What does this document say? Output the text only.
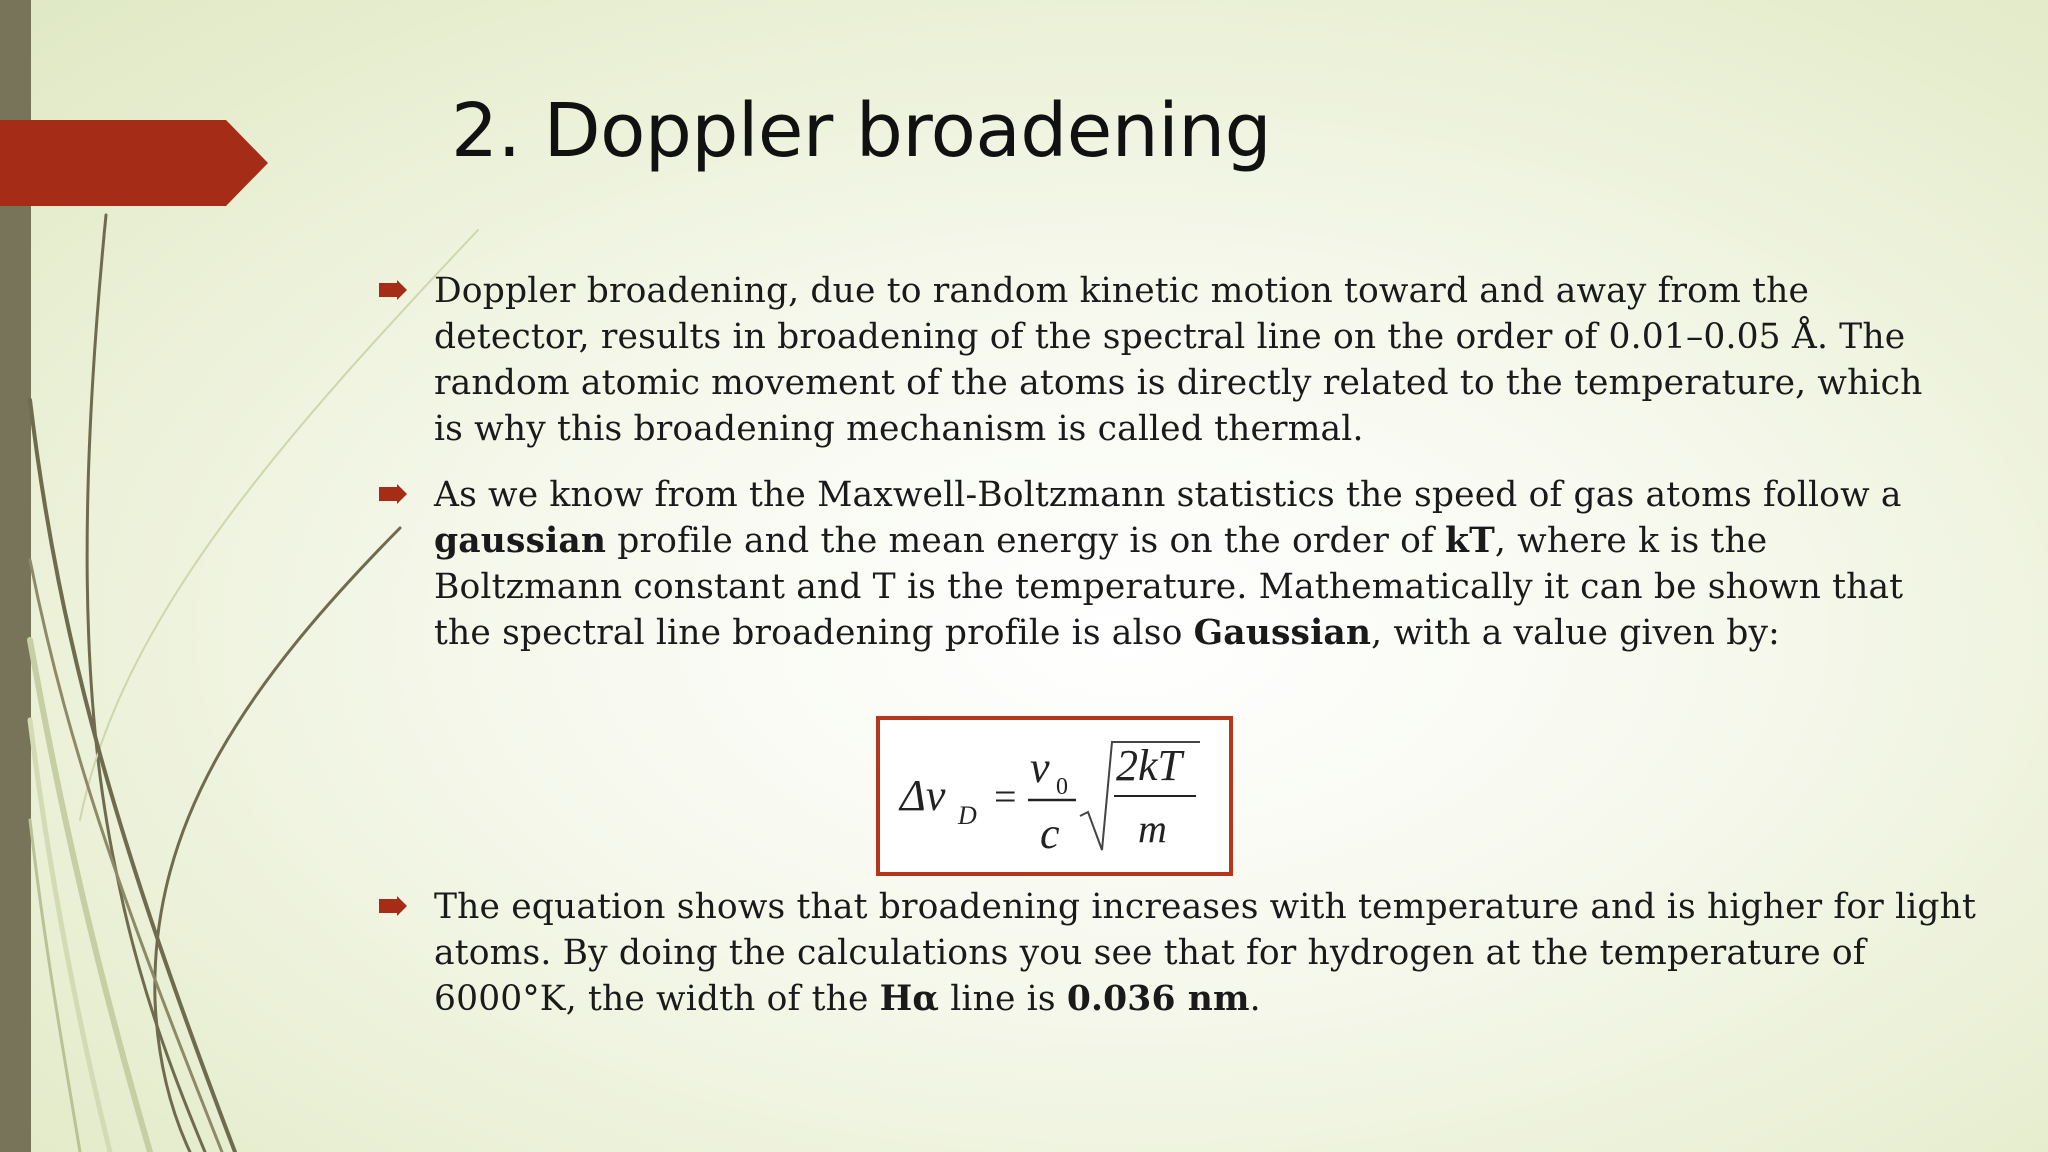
2. Doppler broadening

Doppler broadening, due to random kinetic motion toward and away from the detector, results in broadening of the spectral line on the order of 0.01–0.05 Å. The random atomic movement of the atoms is directly related to the temperature, which is why this broadening mechanism is called thermal.

As we know from the Maxwell-Boltzmann statistics the speed of gas atoms follow a gaussian profile and the mean energy is on the order of kT, where k is the Boltzmann constant and T is the temperature. Mathematically it can be shown that the spectral line broadening profile is also Gaussian, with a value given by:

Δν D =
ν 0
c
2kT
m

The equation shows that broadening increases with temperature and is higher for light atoms. By doing the calculations you see that for hydrogen at the temperature of 6000°K, the width of the Hα line is 0.036 nm.
